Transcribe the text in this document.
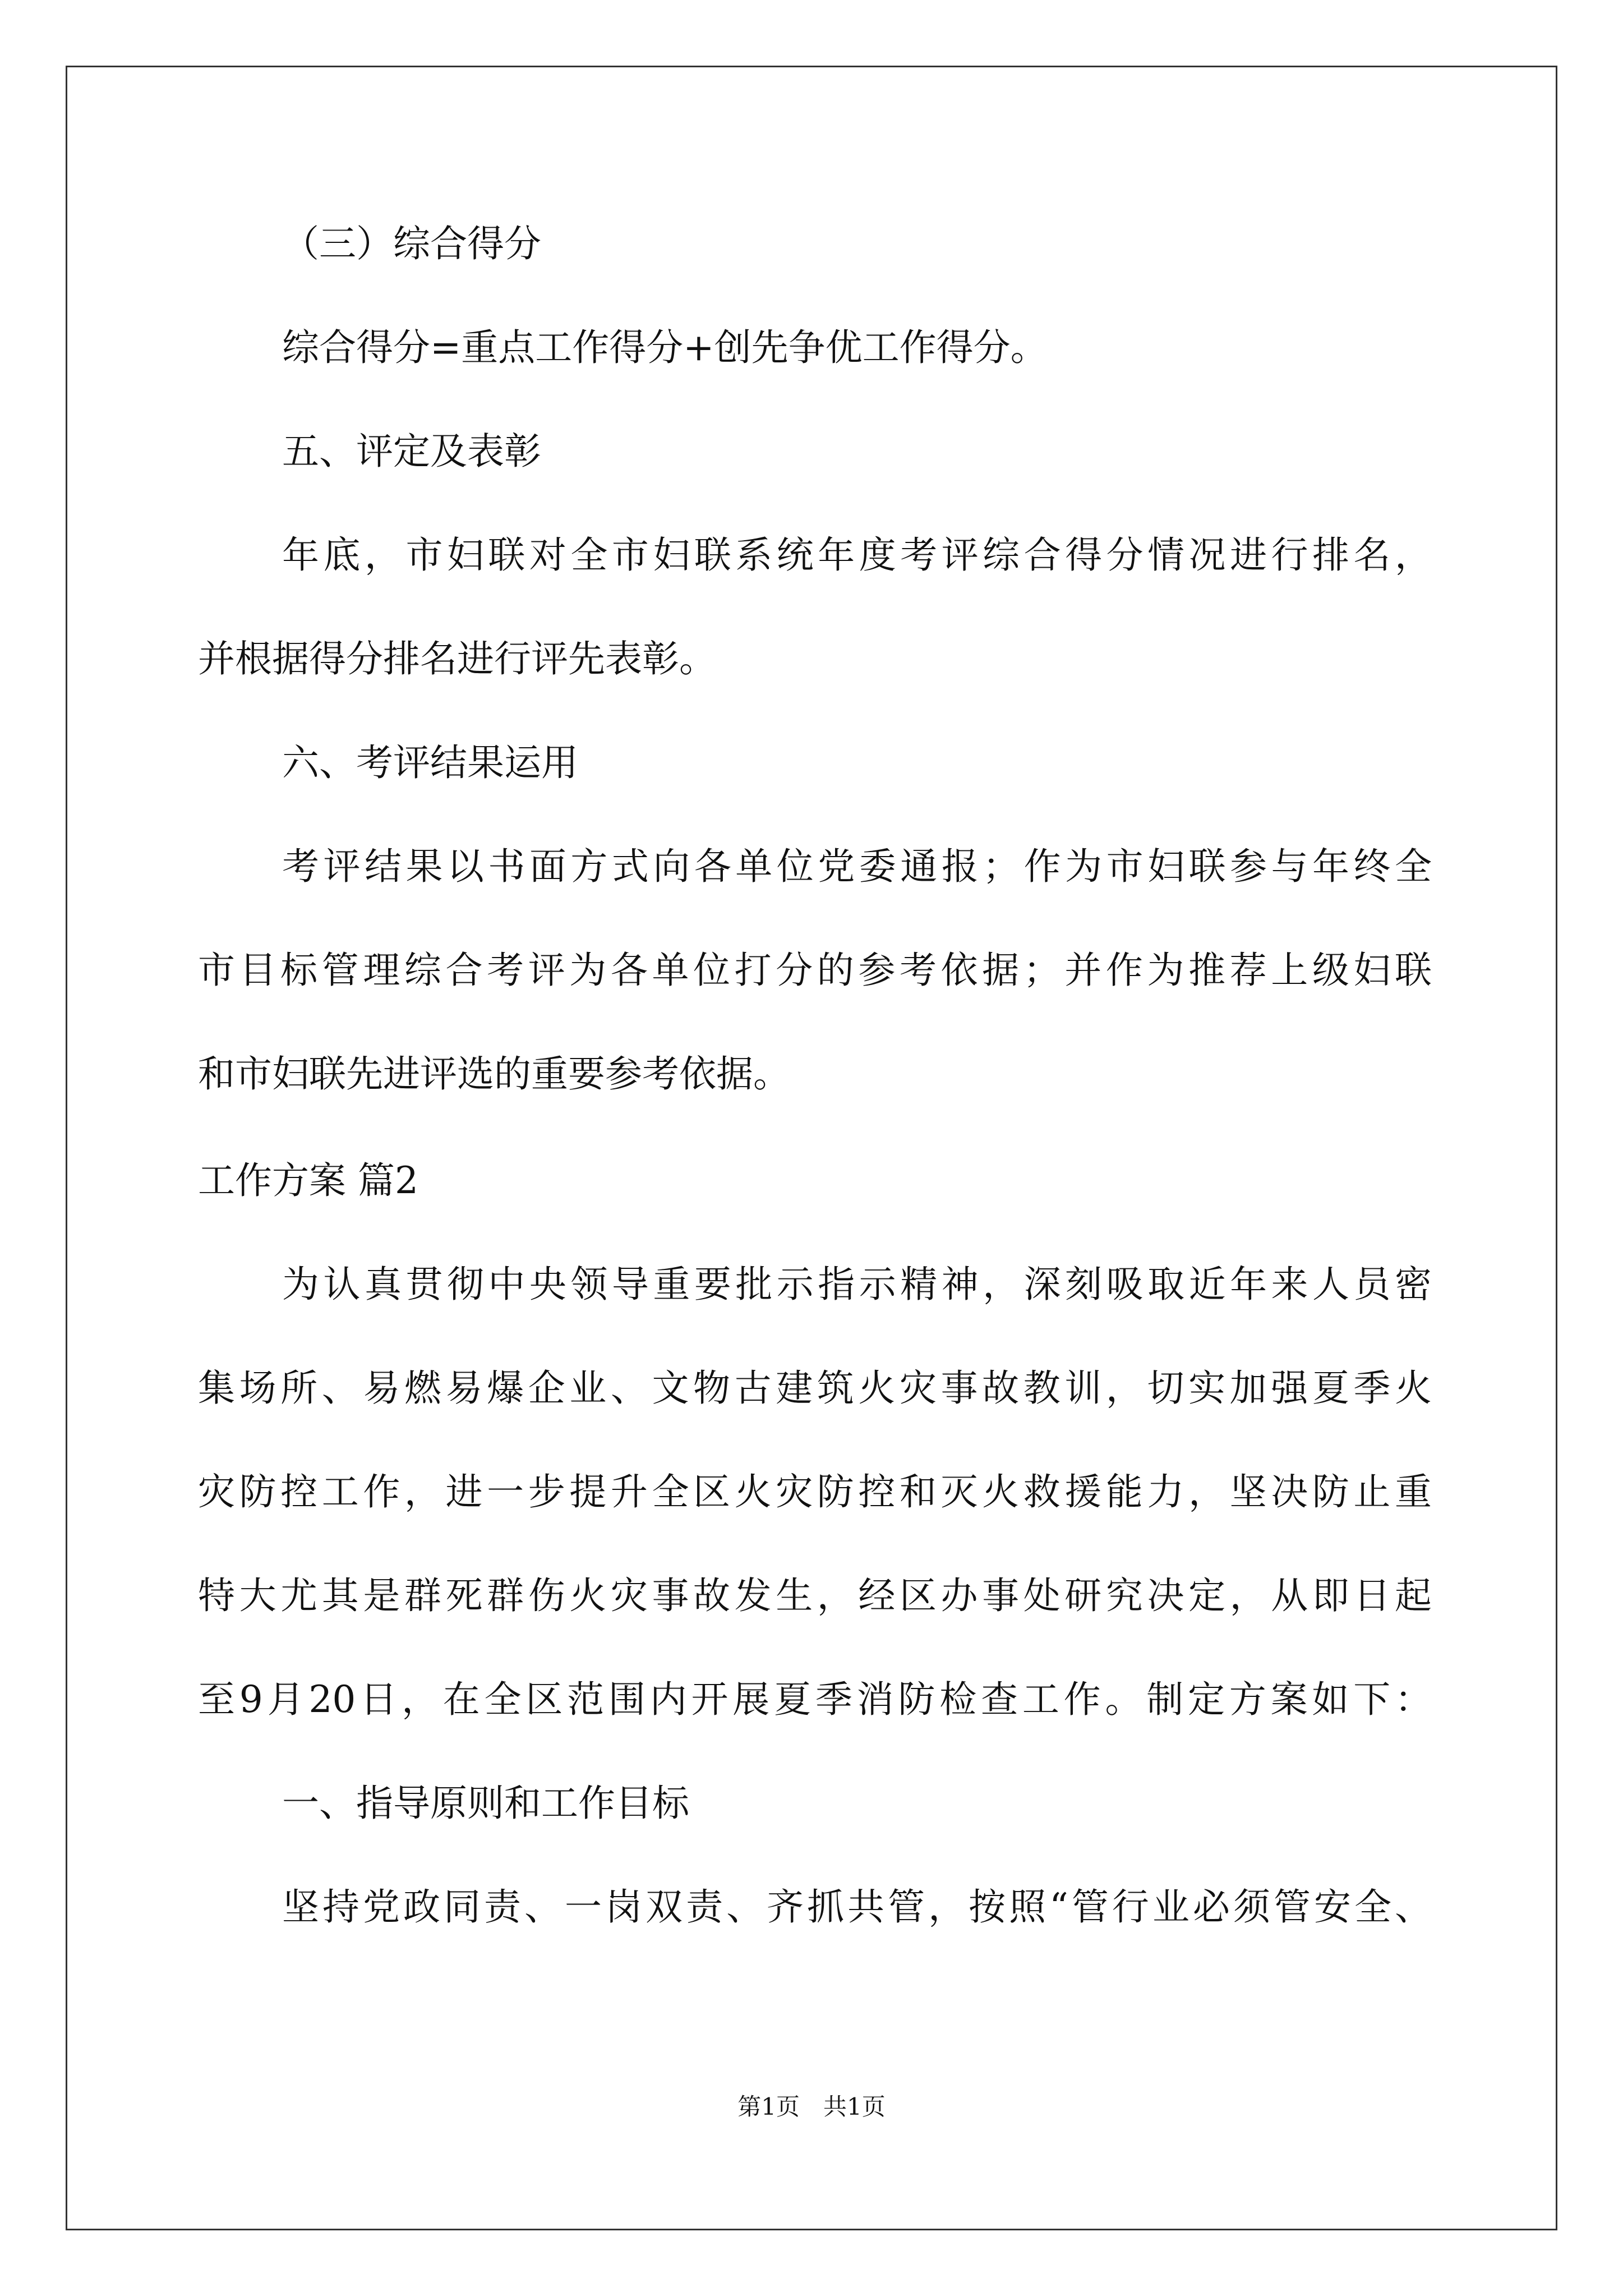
（三）综合得分
综合得分=重点工作得分+创先争优工作得分。
五、评定及表彰
年底，市妇联对全市妇联系统年度考评综合得分情况进行排名，
并根据得分排名进行评先表彰。
六、考评结果运用
考评结果以书面方式向各单位党委通报；作为市妇联参与年终全
市目标管理综合考评为各单位打分的参考依据；并作为推荐上级妇联
和市妇联先进评选的重要参考依据。
工作方案 篇2
为认真贯彻中央领导重要批示指示精神，深刻吸取近年来人员密
集场所、易燃易爆企业、文物古建筑火灾事故教训，切实加强夏季火
灾防控工作，进一步提升全区火灾防控和灭火救援能力，坚决防止重
特大尤其是群死群伤火灾事故发生，经区办事处研究决定，从即日起
至9月20日，在全区范围内开展夏季消防检查工作。制定方案如下：
一、指导原则和工作目标
坚持党政同责、一岗双责、齐抓共管，按照“管行业必须管安全、
第1页　共1页
